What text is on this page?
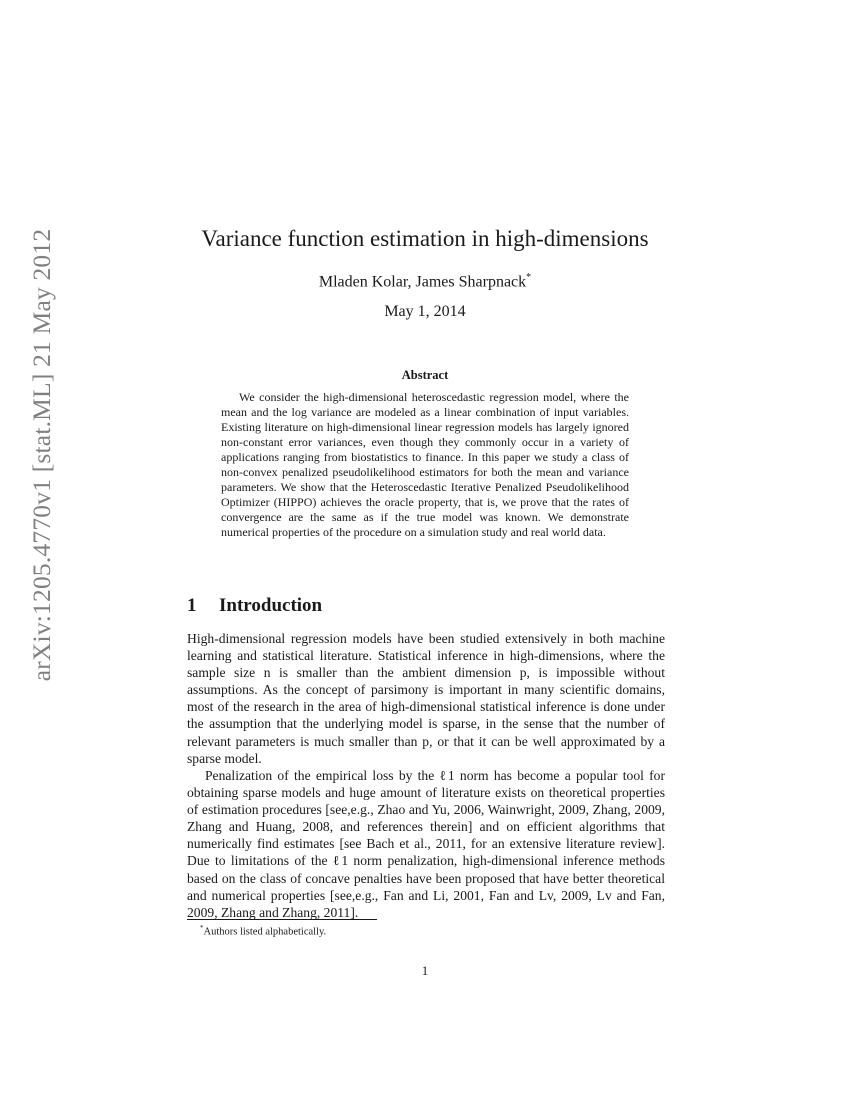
arXiv:1205.4770v1 [stat.ML] 21 May 2012	Variance function estimation in high-dimensions
Mladen Kolar, James Sharpnack*
May 1, 2014
Abstract

We consider the high-dimensional heteroscedastic regression model, where the mean and the log variance are modeled as a linear combination of input variables. Existing literature on high-dimensional linear regression models has largely ignored non-constant error variances, even though they commonly occur in a variety of applications ranging from biostatistics to finance. In this paper we study a class of non-convex penalized pseudolikelihood estimators for both the mean and variance parameters. We show that the Heteroscedastic Iterative Penalized Pseudolikelihood Optimizer (HIPPO) achieves the oracle property, that is, we prove that the rates of convergence are the same as if the true model was known. We demonstrate numerical properties of the procedure on a simulation study and real world data.

1 Introduction

High-dimensional regression models have been studied extensively in both machine learning and statistical literature. Statistical inference in high-dimensions, where the sample size n is smaller than the ambient dimension p, is impossible without assumptions. As the concept of parsimony is important in many scientific domains, most of the research in the area of high-dimensional statistical inference is done under the assumption that the underlying model is sparse, in the sense that the number of relevant parameters is much smaller than p, or that it can be well approximated by a sparse model.

Penalization of the empirical loss by the ℓ1 norm has become a popular tool for obtaining sparse models and huge amount of literature exists on theoretical properties of estimation procedures [see,e.g., Zhao and Yu, 2006, Wainwright, 2009, Zhang, 2009, Zhang and Huang, 2008, and references therein] and on efficient algorithms that numerically find estimates [see Bach et al., 2011, for an extensive literature review]. Due to limitations of the ℓ1 norm penalization, high-dimensional inference methods based on the class of concave penalties have been proposed that have better theoretical and numerical properties [see,e.g., Fan and Li, 2001, Fan and Lv, 2009, Lv and Fan, 2009, Zhang and Zhang, 2011].

*Authors listed alphabetically.
1
